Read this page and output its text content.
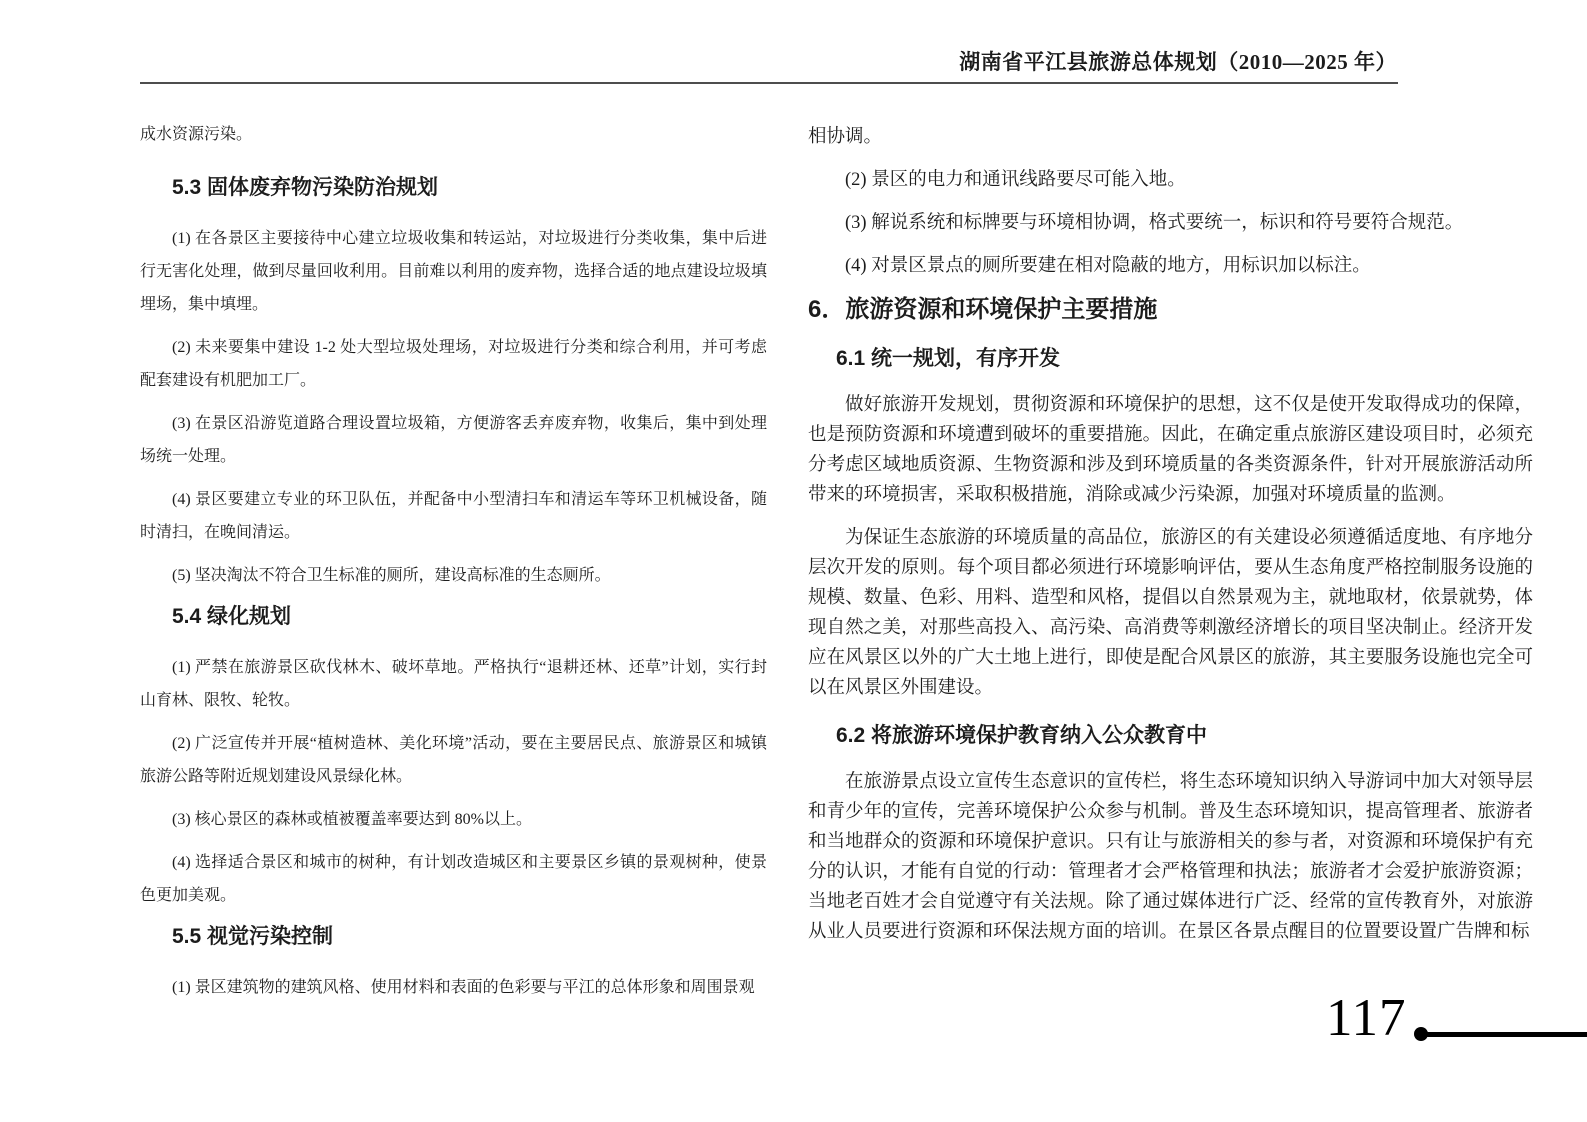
湖南省平江县旅游总体规划（2010—2025 年）
成水资源污染。
5.3 固体废弃物污染防治规划
(1) 在各景区主要接待中心建立垃圾收集和转运站，对垃圾进行分类收集，集中后进行无害化处理，做到尽量回收利用。目前难以利用的废弃物，选择合适的地点建设垃圾填埋场，集中填埋。
(2) 未来要集中建设 1-2 处大型垃圾处理场，对垃圾进行分类和综合利用，并可考虑配套建设有机肥加工厂。
(3) 在景区沿游览道路合理设置垃圾箱，方便游客丢弃废弃物，收集后，集中到处理场统一处理。
(4) 景区要建立专业的环卫队伍，并配备中小型清扫车和清运车等环卫机械设备，随时清扫，在晚间清运。
(5) 坚决淘汰不符合卫生标准的厕所，建设高标准的生态厕所。
5.4 绿化规划
(1) 严禁在旅游景区砍伐林木、破坏草地。严格执行“退耕还林、还草”计划，实行封山育林、限牧、轮牧。
(2) 广泛宣传并开展“植树造林、美化环境”活动，要在主要居民点、旅游景区和城镇旅游公路等附近规划建设风景绿化林。
(3) 核心景区的森林或植被覆盖率要达到 80%以上。
(4) 选择适合景区和城市的树种，有计划改造城区和主要景区乡镇的景观树种，使景色更加美观。
5.5 视觉污染控制
(1) 景区建筑物的建筑风格、使用材料和表面的色彩要与平江的总体形象和周围景观
相协调。
(2) 景区的电力和通讯线路要尽可能入地。
(3) 解说系统和标牌要与环境相协调，格式要统一，标识和符号要符合规范。
(4) 对景区景点的厕所要建在相对隐蔽的地方，用标识加以标注。
6．旅游资源和环境保护主要措施
6.1 统一规划，有序开发
做好旅游开发规划，贯彻资源和环境保护的思想，这不仅是使开发取得成功的保障，也是预防资源和环境遭到破坏的重要措施。因此，在确定重点旅游区建设项目时，必须充分考虑区域地质资源、生物资源和涉及到环境质量的各类资源条件，针对开展旅游活动所带来的环境损害，采取积极措施，消除或减少污染源，加强对环境质量的监测。
为保证生态旅游的环境质量的高品位，旅游区的有关建设必须遵循适度地、有序地分层次开发的原则。每个项目都必须进行环境影响评估，要从生态角度严格控制服务设施的规模、数量、色彩、用料、造型和风格，提倡以自然景观为主，就地取材，依景就势，体现自然之美，对那些高投入、高污染、高消费等刺激经济增长的项目坚决制止。经济开发应在风景区以外的广大土地上进行，即使是配合风景区的旅游，其主要服务设施也完全可以在风景区外围建设。
6.2 将旅游环境保护教育纳入公众教育中
在旅游景点设立宣传生态意识的宣传栏，将生态环境知识纳入导游词中加大对领导层和青少年的宣传，完善环境保护公众参与机制。普及生态环境知识，提高管理者、旅游者和当地群众的资源和环境保护意识。只有让与旅游相关的参与者，对资源和环境保护有充分的认识，才能有自觉的行动：管理者才会严格管理和执法；旅游者才会爱护旅游资源；当地老百姓才会自觉遵守有关法规。除了通过媒体进行广泛、经常的宣传教育外，对旅游从业人员要进行资源和环保法规方面的培训。在景区各景点醒目的位置要设置广告牌和标
117
